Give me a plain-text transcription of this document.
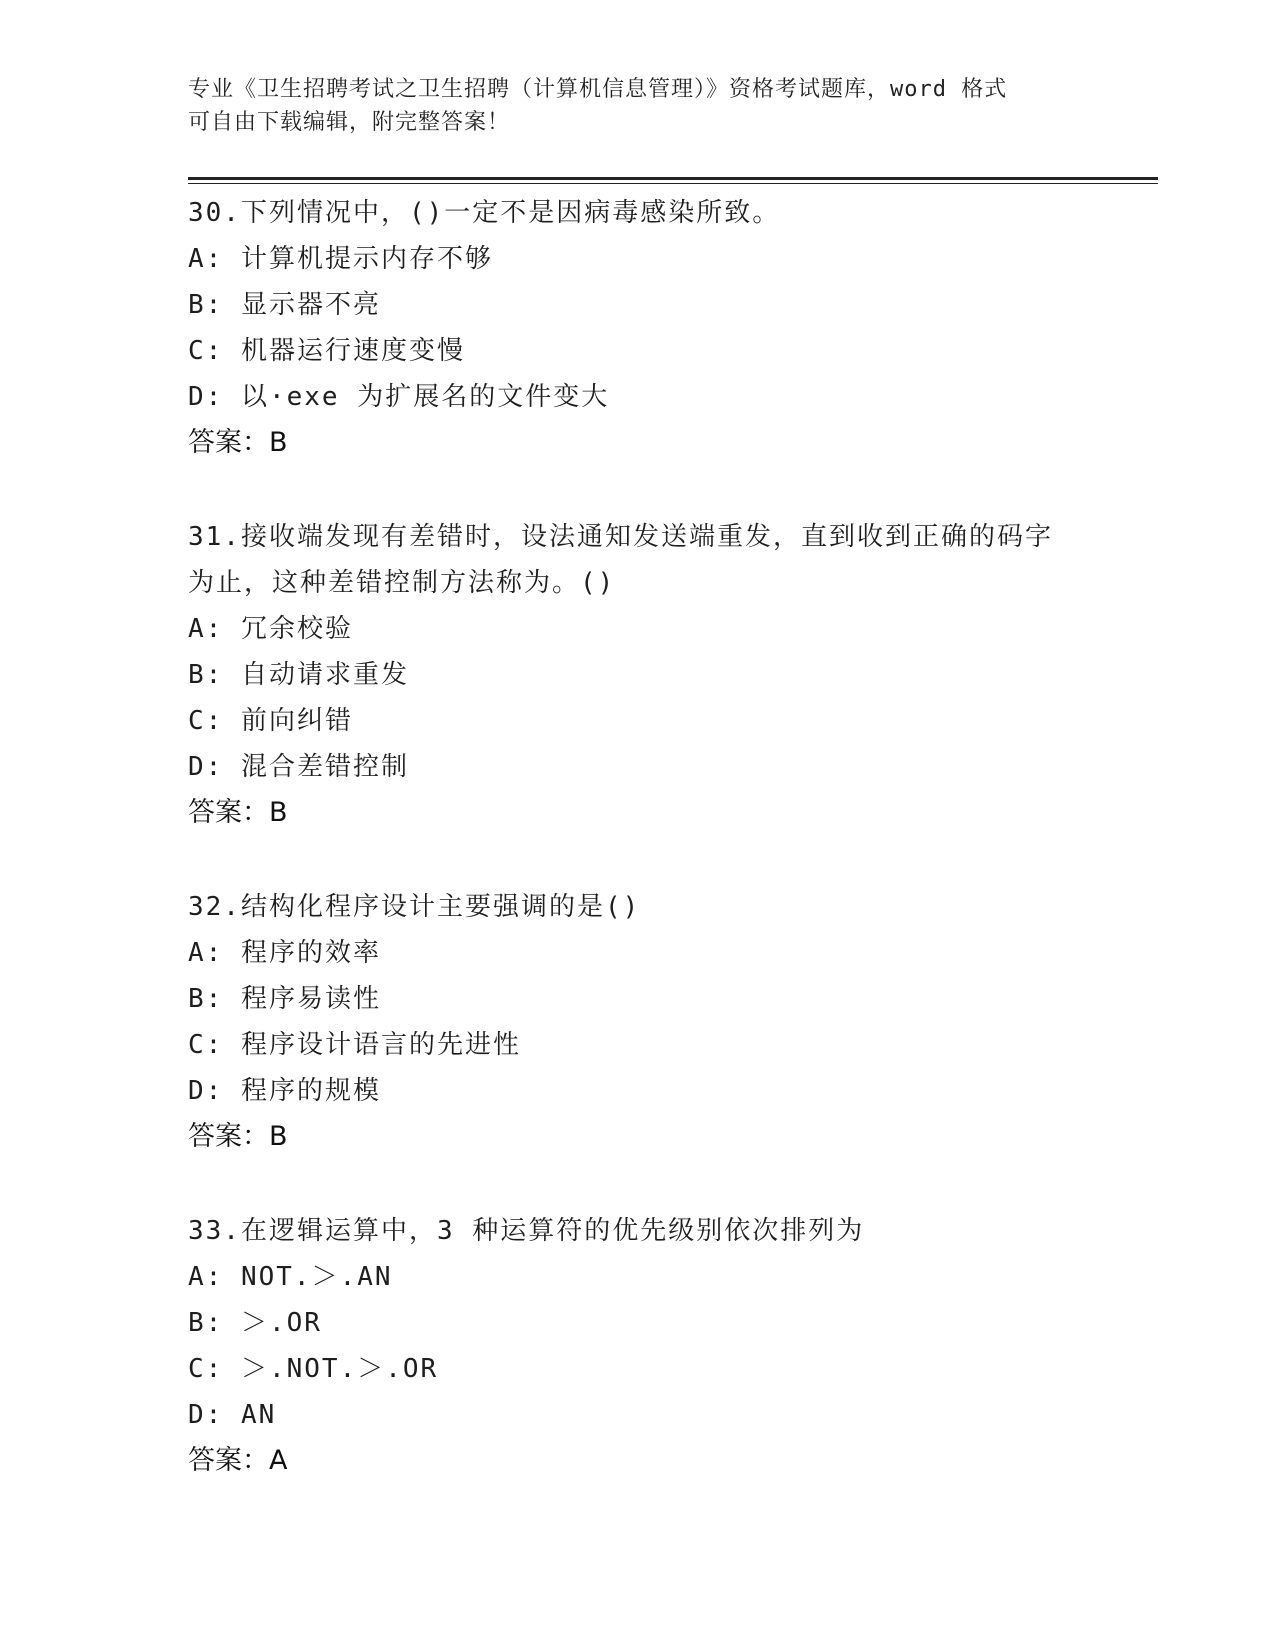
专业《卫生招聘考试之卫生招聘（计算机信息管理）》资格考试题库，word 格式
可自由下载编辑，附完整答案！
30.下列情况中，()一定不是因病毒感染所致。
A: 计算机提示内存不够
B: 显示器不亮
C: 机器运行速度变慢
D: 以·exe 为扩展名的文件变大
答案：B
31.接收端发现有差错时，设法通知发送端重发，直到收到正确的码字
为止，这种差错控制方法称为。()
A: 冗余校验
B: 自动请求重发
C: 前向纠错
D: 混合差错控制
答案：B
32.结构化程序设计主要强调的是()
A: 程序的效率
B: 程序易读性
C: 程序设计语言的先进性
D: 程序的规模
答案：B
33.在逻辑运算中，3 种运算符的优先级别依次排列为
A: NOT.＞.AN
B: ＞.OR
C: ＞.NOT.＞.OR
D: AN
答案：A
